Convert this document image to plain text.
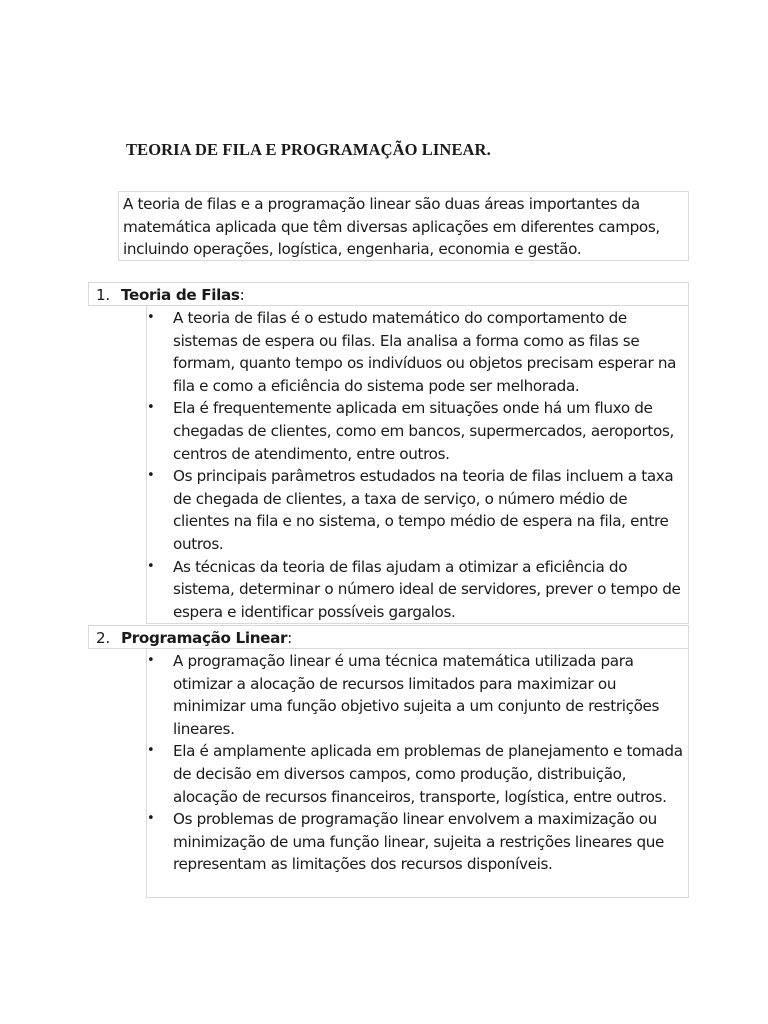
TEORIA DE FILA E PROGRAMAÇÃO LINEAR.

A teoria de filas e a programação linear são duas áreas importantes da matemática aplicada que têm diversas aplicações em diferentes campos, incluindo operações, logística, engenharia, economia e gestão.

1. Teoria de Filas:
• A teoria de filas é o estudo matemático do comportamento de sistemas de espera ou filas. Ela analisa a forma como as filas se formam, quanto tempo os indivíduos ou objetos precisam esperar na fila e como a eficiência do sistema pode ser melhorada.
• Ela é frequentemente aplicada em situações onde há um fluxo de chegadas de clientes, como em bancos, supermercados, aeroportos, centros de atendimento, entre outros.
• Os principais parâmetros estudados na teoria de filas incluem a taxa de chegada de clientes, a taxa de serviço, o número médio de clientes na fila e no sistema, o tempo médio de espera na fila, entre outros.
• As técnicas da teoria de filas ajudam a otimizar a eficiência do sistema, determinar o número ideal de servidores, prever o tempo de espera e identificar possíveis gargalos.
2. Programação Linear:
• A programação linear é uma técnica matemática utilizada para otimizar a alocação de recursos limitados para maximizar ou minimizar uma função objetivo sujeita a um conjunto de restrições lineares.
• Ela é amplamente aplicada em problemas de planejamento e tomada de decisão em diversos campos, como produção, distribuição, alocação de recursos financeiros, transporte, logística, entre outros.
• Os problemas de programação linear envolvem a maximização ou minimização de uma função linear, sujeita a restrições lineares que representam as limitações dos recursos disponíveis.
